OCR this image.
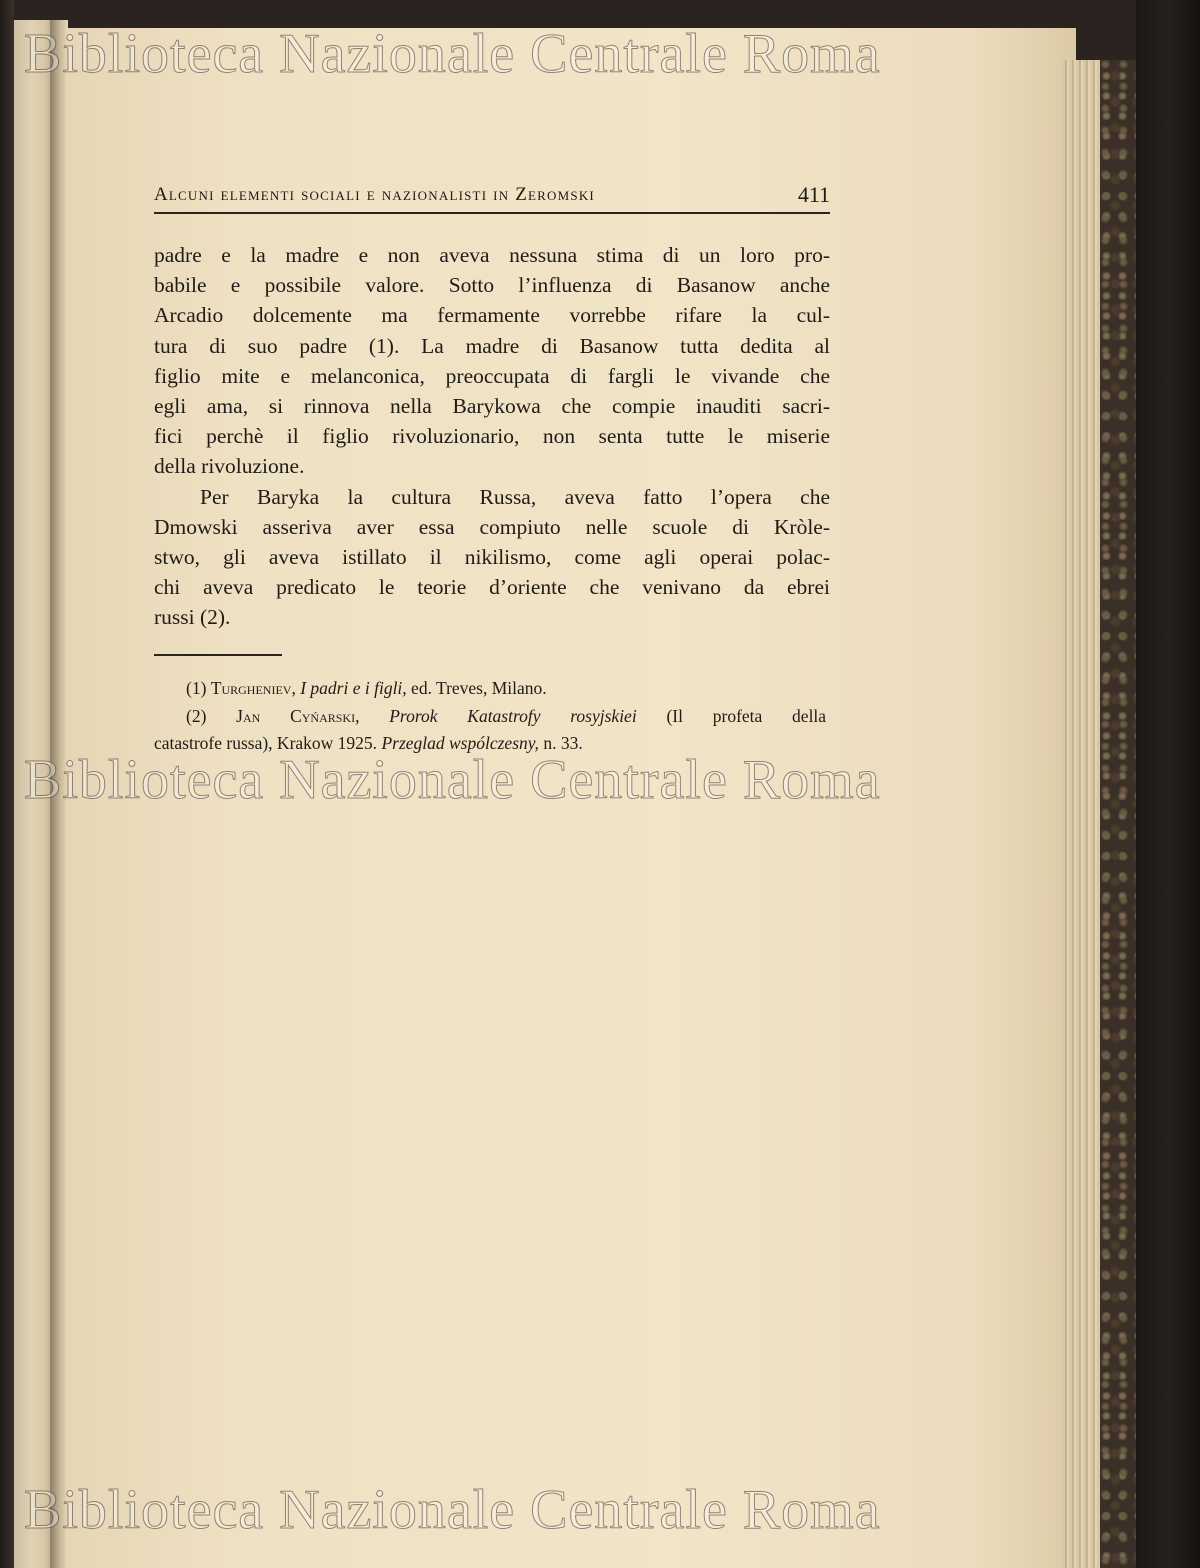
Alcuni elementi sociali e nazionalisti in Zeromski	411
padre e la madre e non aveva nessuna stima di un loro pro-
babile e possibile valore. Sotto l’influenza di Basanow anche
Arcadio dolcemente ma fermamente vorrebbe rifare la cul-
tura di suo padre (1). La madre di Basanow tutta dedita al
figlio mite e melanconica, preoccupata di fargli le vivande che
egli ama, si rinnova nella Barykowa che compie inauditi sacri-
fici perchè il figlio rivoluzionario, non senta tutte le miserie
della rivoluzione.
Per Baryka la cultura Russa, aveva fatto l’opera che
Dmowski asseriva aver essa compiuto nelle scuole di Kròle-
stwo, gli aveva istillato il nikilismo, come agli operai polac-
chi aveva predicato le teorie d’oriente che venivano da ebrei
russi (2).
(1) Turgheniev, I padri e i figli, ed. Treves, Milano.
(2) Jan Cyńarski, Prorok Katastrofy rosyjskiei (Il profeta della
catastrofe russa), Krakow 1925. Przeglad wspólczesny, n. 33.
Biblioteca Nazionale Centrale Roma
Biblioteca Nazionale Centrale Roma
Biblioteca Nazionale Centrale Roma
